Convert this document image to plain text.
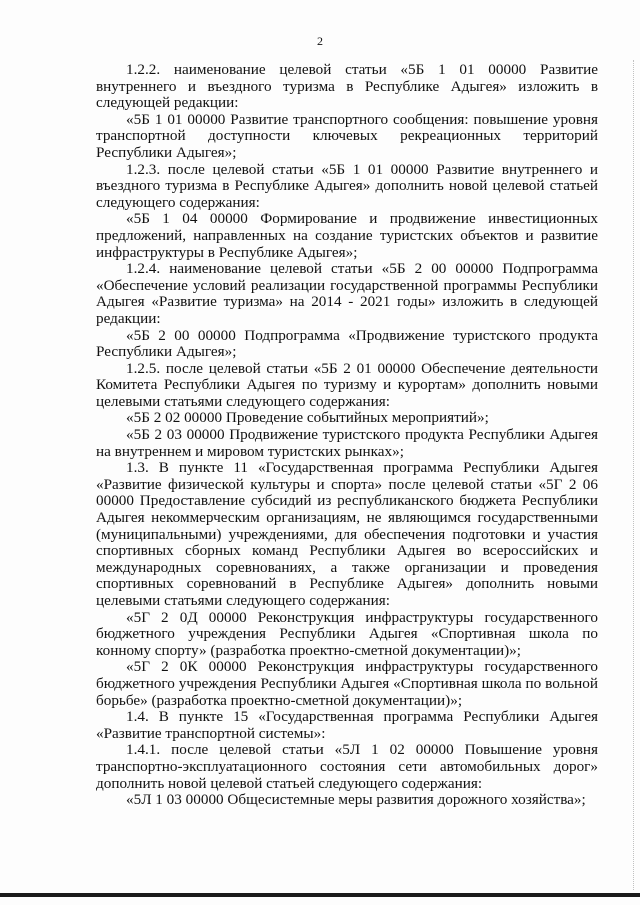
2

1.2.2. наименование целевой статьи «5Б 1 01 00000 Развитие внутреннего и въездного туризма в Республике Адыгея» изложить в следующей редакции:

«5Б 1 01 00000 Развитие транспортного сообщения: повышение уровня транспортной доступности ключевых рекреационных территорий Республики Адыгея»;

1.2.3. после целевой статьи «5Б 1 01 00000 Развитие внутреннего и въездного туризма в Республике Адыгея» дополнить новой целевой статьей следующего содержания:

«5Б 1 04 00000 Формирование и продвижение инвестиционных предложений, направленных на создание туристских объектов и развитие инфраструктуры в Республике Адыгея»;

1.2.4. наименование целевой статьи «5Б 2 00 00000 Подпрограмма «Обеспечение условий реализации государственной программы Республики Адыгея «Развитие туризма» на 2014 - 2021 годы» изложить в следующей редакции:

«5Б 2 00 00000 Подпрограмма «Продвижение туристского продукта Республики Адыгея»;

1.2.5. после целевой статьи «5Б 2 01 00000 Обеспечение деятельности Комитета Республики Адыгея по туризму и курортам» дополнить новыми целевыми статьями следующего содержания:

«5Б 2 02 00000 Проведение событийных мероприятий»;

«5Б 2 03 00000 Продвижение туристского продукта Республики Адыгея на внутреннем и мировом туристских рынках»;

1.3. В пункте 11 «Государственная программа Республики Адыгея «Развитие физической культуры и спорта» после целевой статьи «5Г 2 06 00000 Предоставление субсидий из республиканского бюджета Республики Адыгея некоммерческим организациям, не являющимся государственными (муниципальными) учреждениями, для обеспечения подготовки и участия спортивных сборных команд Республики Адыгея во всероссийских и международных соревнованиях, а также организации и проведения спортивных соревнований в Республике Адыгея» дополнить новыми целевыми статьями следующего содержания:

«5Г 2 0Д 00000 Реконструкция инфраструктуры государственного бюджетного учреждения Республики Адыгея «Спортивная школа по конному спорту» (разработка проектно-сметной документации)»;

«5Г 2 0К 00000 Реконструкция инфраструктуры государственного бюджетного учреждения Республики Адыгея «Спортивная школа по вольной борьбе» (разработка проектно-сметной документации)»;

1.4. В пункте 15 «Государственная программа Республики Адыгея «Развитие транспортной системы»:

1.4.1. после целевой статьи «5Л 1 02 00000 Повышение уровня транспортно-эксплуатационного состояния сети автомобильных дорог» дополнить новой целевой статьей следующего содержания:

«5Л 1 03 00000 Общесистемные меры развития дорожного хозяйства»;
